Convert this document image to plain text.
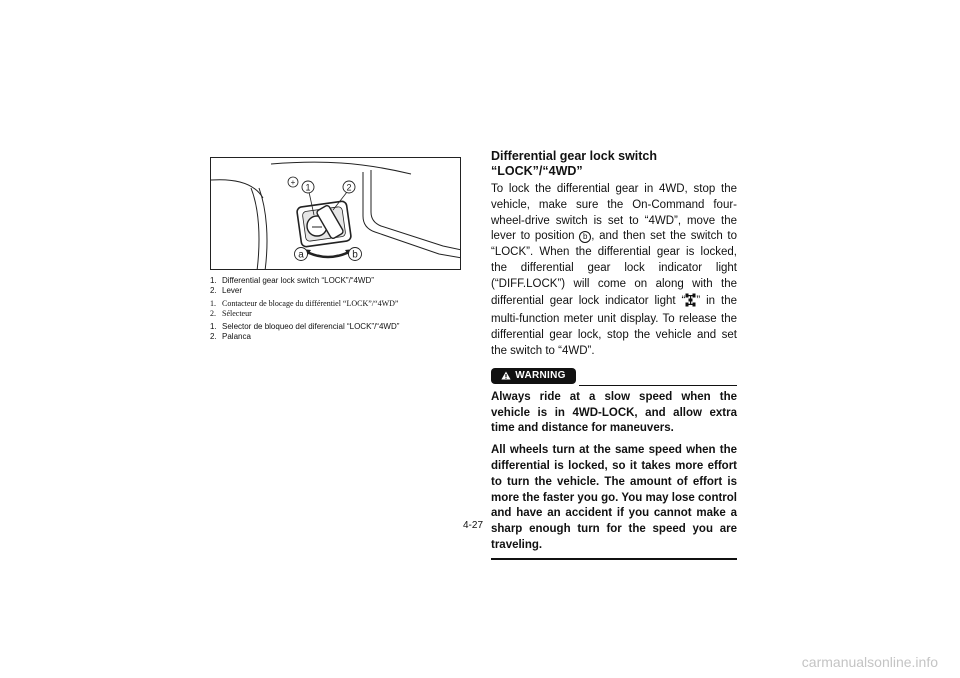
+ 1	2
a	b
1. Differential gear lock switch “LOCK”/“4WD”
2. Lever
1. Contacteur de blocage du différentiel “LOCK”/“4WD”
2. Sélecteur
1. Selector de bloqueo del diferencial “LOCK”/“4WD”
2. Palanca
Differential gear lock switch “LOCK”/“4WD”

To lock the differential gear in 4WD, stop the vehicle, make sure the On-Command four-wheel-drive switch is set to “4WD”, move the lever to position b , and then set the switch to “LOCK”. When the differential gear is locked, the differential gear lock indicator light (“DIFF.LOCK”) will come on along with the differential gear lock indicator light “ ” in the multi-function meter unit display. To release the differential gear lock, stop the vehicle and set the switch to “4WD”.

WARNING

Always ride at a slow speed when the vehicle is in 4WD-LOCK, and allow extra time and distance for maneuvers.

All wheels turn at the same speed when the differential is locked, so it takes more effort to turn the vehicle. The amount of effort is more the faster you go. You may lose control and have an accident if you cannot make a sharp enough turn for the speed you are traveling.

4-27
carmanualsonline.info
